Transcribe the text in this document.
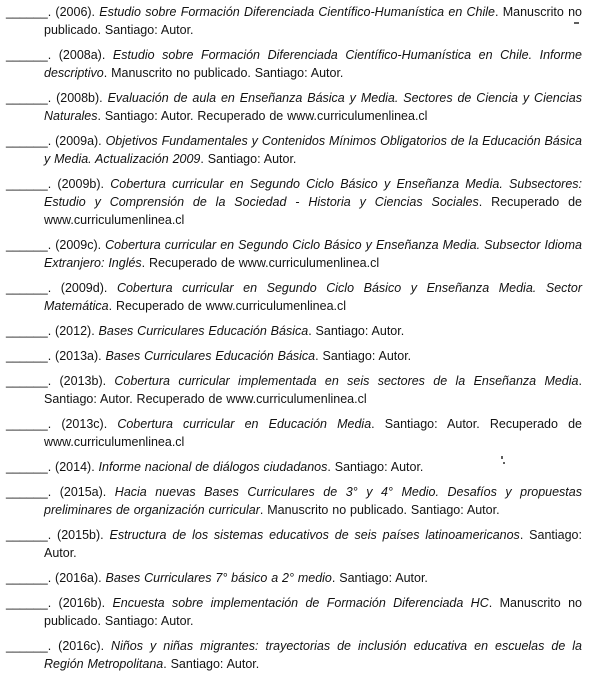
______. (2006). Estudio sobre Formación Diferenciada Científico-Humanística en Chile. Manuscrito no publicado. Santiago: Autor.

______. (2008a). Estudio sobre Formación Diferenciada Científico-Humanística en Chile. Informe descriptivo. Manuscrito no publicado. Santiago: Autor.

______. (2008b). Evaluación de aula en Enseñanza Básica y Media. Sectores de Ciencia y Ciencias Naturales. Santiago: Autor. Recuperado de www.curriculumenlinea.cl

______. (2009a). Objetivos Fundamentales y Contenidos Mínimos Obligatorios de la Educación Básica y Media. Actualización 2009. Santiago: Autor.

______. (2009b). Cobertura curricular en Segundo Ciclo Básico y Enseñanza Media. Subsectores: Estudio y Comprensión de la Sociedad - Historia y Ciencias Sociales. Recuperado de www.curriculumenlinea.cl

______. (2009c). Cobertura curricular en Segundo Ciclo Básico y Enseñanza Media. Subsector Idioma Extranjero: Inglés. Recuperado de www.curriculumenlinea.cl

______. (2009d). Cobertura curricular en Segundo Ciclo Básico y Enseñanza Media. Sector Matemática. Recuperado de www.curriculumenlinea.cl

______. (2012). Bases Curriculares Educación Básica. Santiago: Autor.

______. (2013a). Bases Curriculares Educación Básica. Santiago: Autor.

______. (2013b). Cobertura curricular implementada en seis sectores de la Enseñanza Media. Santiago: Autor. Recuperado de www.curriculumenlinea.cl

______. (2013c). Cobertura curricular en Educación Media. Santiago: Autor. Recuperado de www.curriculumenlinea.cl

______. (2014). Informe nacional de diálogos ciudadanos. Santiago: Autor.

______. (2015a). Hacia nuevas Bases Curriculares de 3° y 4° Medio. Desafíos y propuestas preliminares de organización curricular. Manuscrito no publicado. Santiago: Autor.

______. (2015b). Estructura de los sistemas educativos de seis países latinoamericanos. Santiago: Autor.

______. (2016a). Bases Curriculares 7° básico a 2° medio. Santiago: Autor.

______. (2016b). Encuesta sobre implementación de Formación Diferenciada HC. Manuscrito no publicado. Santiago: Autor.

______. (2016c). Niños y niñas migrantes: trayectorias de inclusión educativa en escuelas de la Región Metropolitana. Santiago: Autor.
